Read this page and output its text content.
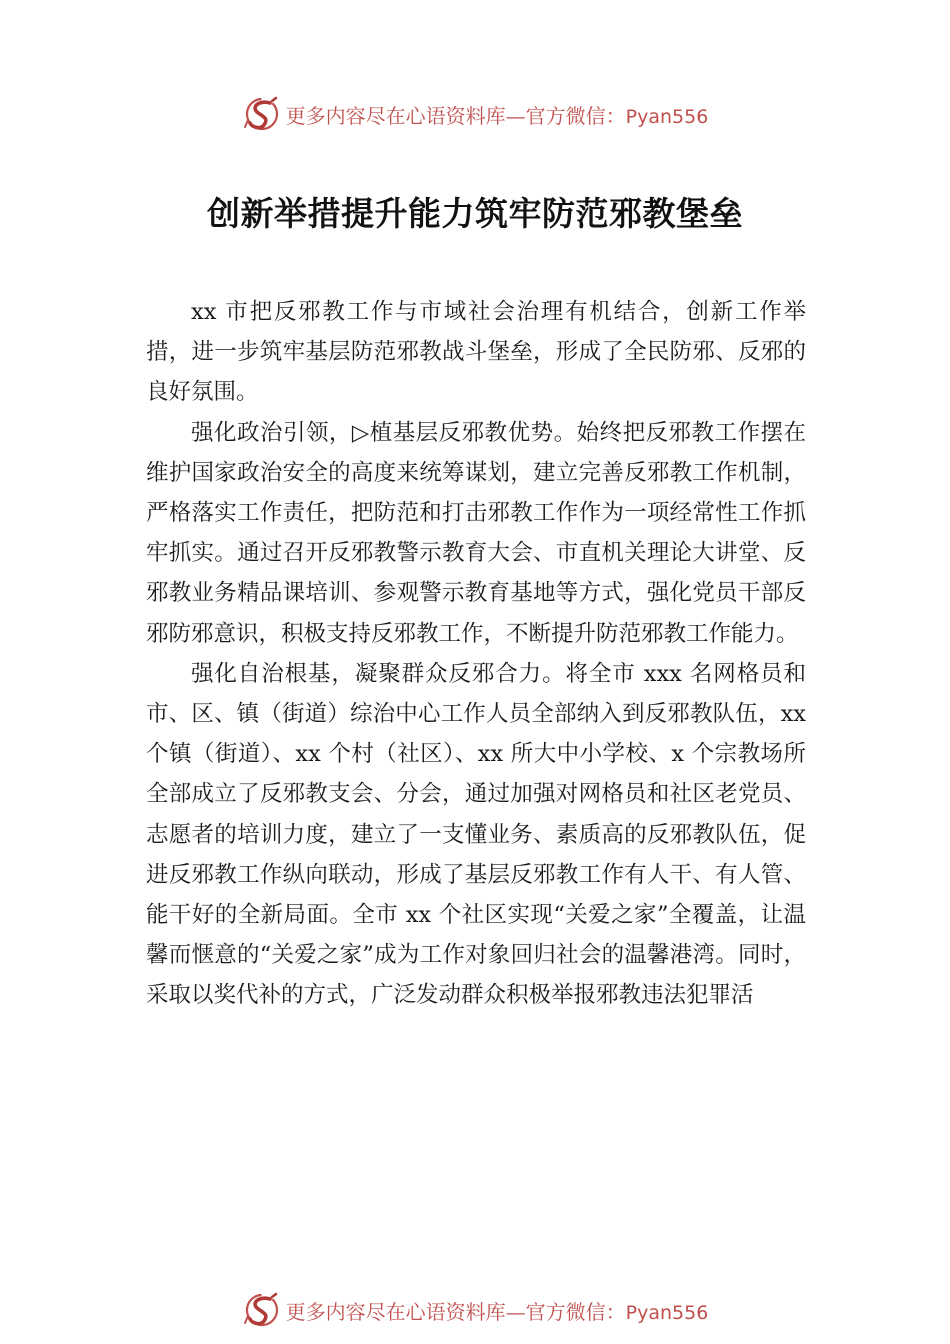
更多内容尽在心语资料库—官方微信：Pyan556
创新举措提升能力筑牢防范邪教堡垒

xx 市把反邪教工作与市域社会治理有机结合，创新工作举措，进一步筑牢基层防范邪教战斗堡垒，形成了全民防邪、反邪的良好氛围。

强化政治引领，▷植基层反邪教优势。始终把反邪教工作摆在维护国家政治安全的高度来统筹谋划，建立完善反邪教工作机制，严格落实工作责任，把防范和打击邪教工作作为一项经常性工作抓牢抓实。通过召开反邪教警示教育大会、市直机关理论大讲堂、反邪教业务精品课培训、参观警示教育基地等方式，强化党员干部反邪防邪意识，积极支持反邪教工作，不断提升防范邪教工作能力。

强化自治根基，凝聚群众反邪合力。将全市 xxx 名网格员和市、区、镇（街道）综治中心工作人员全部纳入到反邪教队伍，xx 个镇（街道）、xx 个村（社区）、xx 所大中小学校、x 个宗教场所全部成立了反邪教支会、分会，通过加强对网格员和社区老党员、志愿者的培训力度，建立了一支懂业务、素质高的反邪教队伍，促进反邪教工作纵向联动，形成了基层反邪教工作有人干、有人管、能干好的全新局面。全市 xx 个社区实现“关爱之家”全覆盖，让温馨而惬意的“关爱之家”成为工作对象回归社会的温馨港湾。同时，采取以奖代补的方式，广泛发动群众积极举报邪教违法犯罪活

更多内容尽在心语资料库—官方微信：Pyan556
